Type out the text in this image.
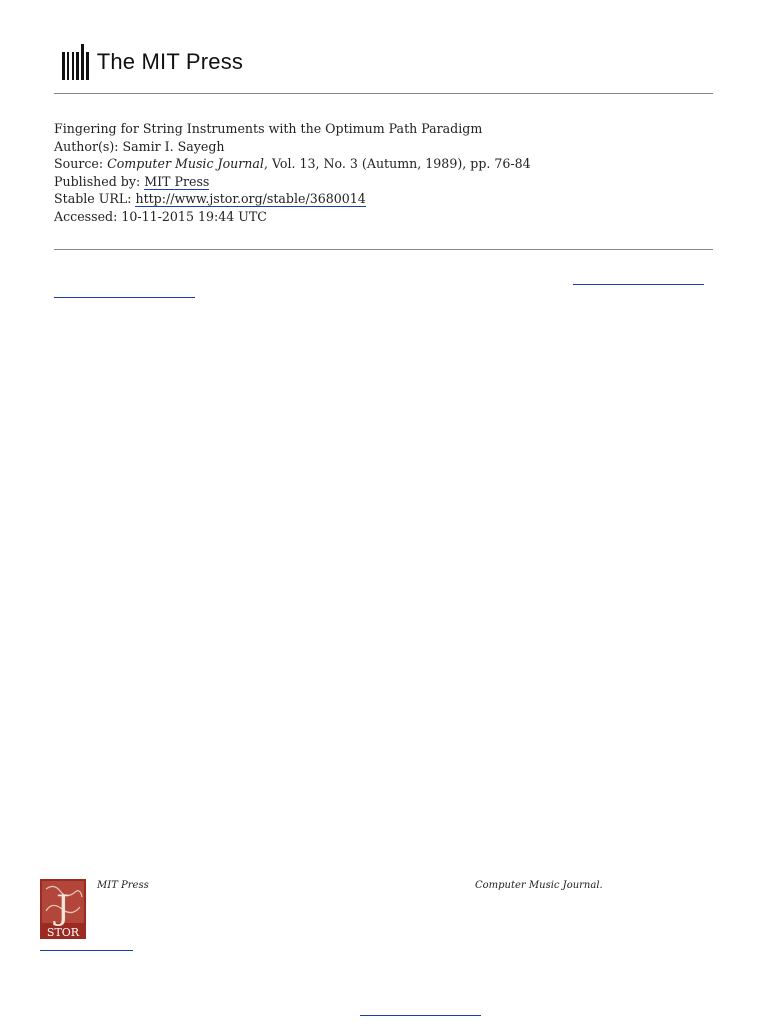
The MIT Press
Fingering for String Instruments with the Optimum Path Paradigm
Author(s): Samir I. Sayegh
Source: Computer Music Journal, Vol. 13, No. 3 (Autumn, 1989), pp. 76-84
Published by: MIT Press
Stable URL: http://www.jstor.org/stable/3680014
Accessed: 10-11-2015 19:44 UTC
J
STOR
MIT Press	Computer Music Journal.
